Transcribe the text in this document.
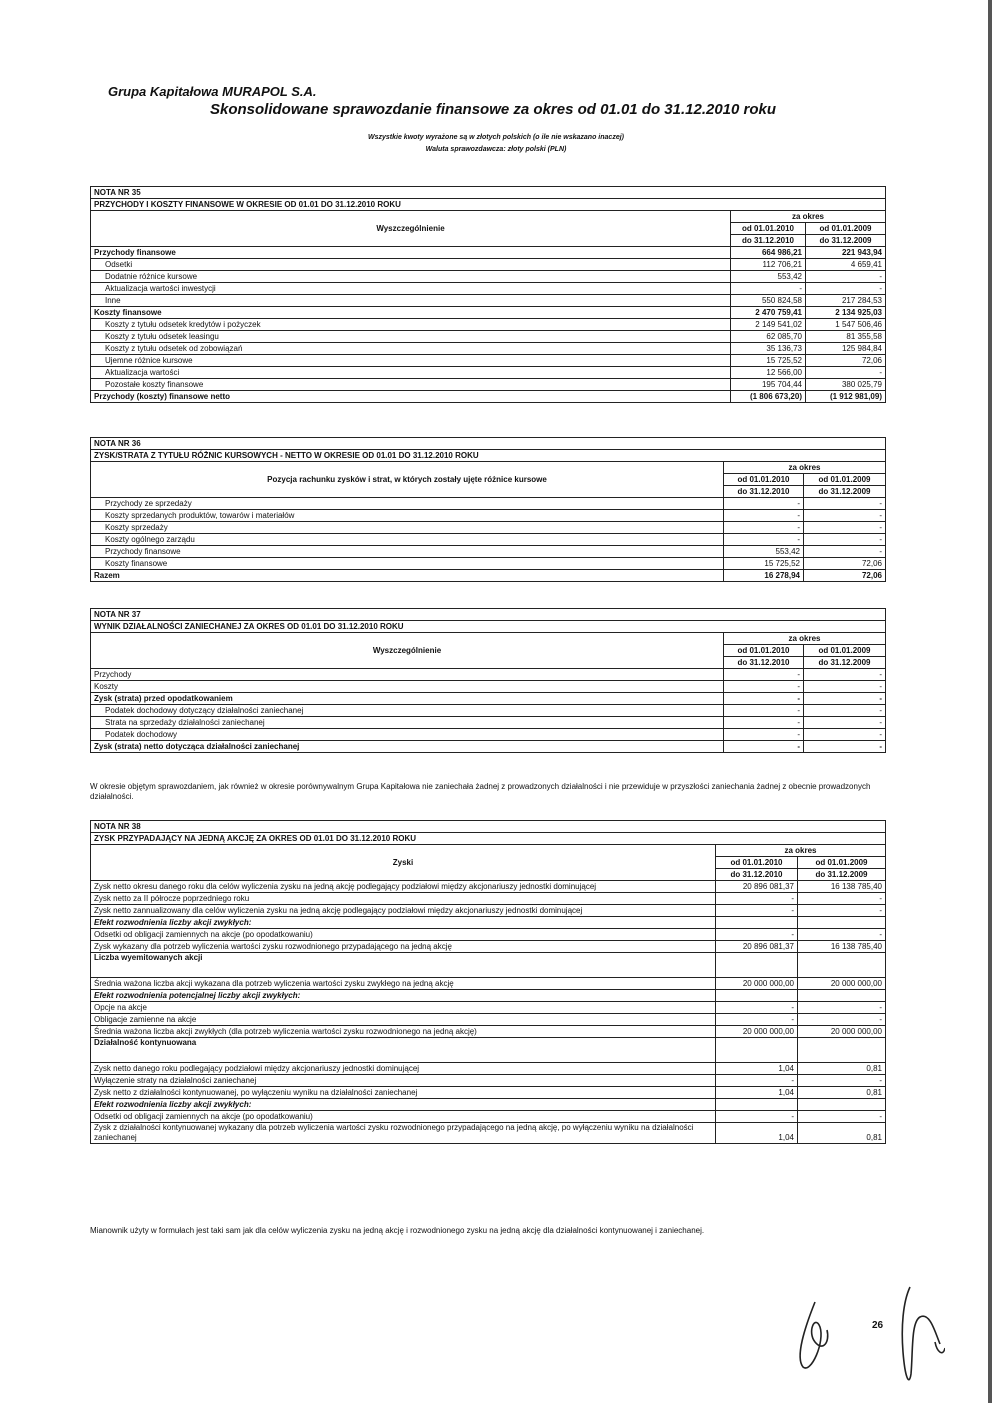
Grupa Kapitałowa MURAPOL S.A.
Skonsolidowane sprawozdanie finansowe za okres od 01.01 do 31.12.2010 roku
Wszystkie kwoty wyrażone są w złotych polskich (o ile nie wskazano inaczej)
Waluta sprawozdawcza: złoty polski (PLN)
NOTA NR 35		
PRZYCHODY I KOSZTY FINANSOWE W OKRESIE OD 01.01 DO 31.12.2010 ROKU		
Wyszczególnienie	za okres	
	od 01.01.2010	od 01.01.2009
	do 31.12.2010	do 31.12.2009
Przychody finansowe	664 986,21	221 943,94
Odsetki	112 706,21	4 659,41
Dodatnie różnice kursowe	553,42	-
Aktualizacja wartości inwestycji	-	-
Inne	550 824,58	217 284,53
Koszty finansowe	2 470 759,41	2 134 925,03
Koszty z tytułu odsetek kredytów i pożyczek	2 149 541,02	1 547 506,46
Koszty z tytułu odsetek leasingu	62 085,70	81 355,58
Koszty z tytułu odsetek od zobowiązań	35 136,73	125 984,84
Ujemne różnice kursowe	15 725,52	72,06
Aktualizacja wartości	12 566,00	-
Pozostałe koszty finansowe	195 704,44	380 025,79
Przychody (koszty) finansowe netto	(1 806 673,20)	(1 912 981,09)
NOTA NR 36		
ZYSK/STRATA Z TYTUŁU RÓŻNIC KURSOWYCH - NETTO W OKRESIE OD 01.01 DO 31.12.2010 ROKU		
Pozycja rachunku zysków i strat, w których zostały ujęte różnice kursowe	za okres	
	od 01.01.2010	od 01.01.2009
	do 31.12.2010	do 31.12.2009
Przychody ze sprzedaży	-	-
Koszty sprzedanych produktów, towarów i materiałów	-	-
Koszty sprzedaży	-	-
Koszty ogólnego zarządu	-	-
Przychody finansowe	553,42	-
Koszty finansowe	15 725,52	72,06
Razem	16 278,94	72,06
NOTA NR 37		
WYNIK DZIAŁALNOŚCI ZANIECHANEJ ZA OKRES OD 01.01 DO 31.12.2010 ROKU		
Wyszczególnienie	za okres	
	od 01.01.2010	od 01.01.2009
	do 31.12.2010	do 31.12.2009
Przychody	-	-
Koszty	-	-
Zysk (strata) przed opodatkowaniem	-	-
Podatek dochodowy dotyczący działalności zaniechanej	-	-
Strata na sprzedaży działalności zaniechanej	-	-
Podatek dochodowy	-	-
Zysk (strata) netto dotycząca działalności zaniechanej	-	-
W okresie objętym sprawozdaniem, jak również w okresie porównywalnym Grupa Kapitałowa nie zaniechała żadnej z prowadzonych działalności i nie przewiduje w przyszłości zaniechania żadnej z obecnie prowadzonych działalności.
NOTA NR 38		
ZYSK PRZYPADAJĄCY NA JEDNĄ AKCJĘ ZA OKRES OD 01.01 DO 31.12.2010 ROKU		
Zyski	za okres	
	od 01.01.2010	od 01.01.2009
	do 31.12.2010	do 31.12.2009
Zysk netto okresu danego roku dla celów wyliczenia zysku na jedną akcję podlegający podziałowi między akcjonariuszy jednostki dominującej	20 896 081,37	16 138 785,40
Zysk netto za II półrocze poprzedniego roku	-	-
Zysk netto zannualizowany dla celów wyliczenia zysku na jedną akcję podlegający podziałowi między akcjonariuszy jednostki dominującej	-	-
Efekt rozwodnienia liczby akcji zwykłych:		
Odsetki od obligacji zamiennych na akcje (po opodatkowaniu)	-	-
Zysk wykazany dla potrzeb wyliczenia wartości zysku rozwodnionego przypadającego na jedną akcję	20 896 081,37	16 138 785,40
Liczba wyemitowanych akcji		
Średnia ważona liczba akcji wykazana dla potrzeb wyliczenia wartości zysku zwykłego na jedną akcję	20 000 000,00	20 000 000,00
Efekt rozwodnienia potencjalnej liczby akcji zwykłych:		
Opcje na akcje	-	-
Obligacje zamienne na akcje	-	-
Średnia ważona liczba akcji zwykłych (dla potrzeb wyliczenia wartości zysku rozwodnionego na jedną akcję)	20 000 000,00	20 000 000,00
Działalność kontynuowana		
Zysk netto danego roku podlegający podziałowi między akcjonariuszy jednostki dominującej	1,04	0,81
Wyłączenie straty na działalności zaniechanej	-	-
Zysk netto z działalności kontynuowanej, po wyłączeniu wyniku na działalności zaniechanej	1,04	0,81
Efekt rozwodnienia liczby akcji zwykłych:		
Odsetki od obligacji zamiennych na akcje (po opodatkowaniu)	-	-
Zysk z działalności kontynuowanej wykazany dla potrzeb wyliczenia wartości zysku rozwodnionego przypadającego na jedną akcję, po wyłączeniu wyniku na działalności zaniechanej	1,04	0,81
Mianownik użyty w formułach jest taki sam jak dla celów wyliczenia zysku na jedną akcję i rozwodnionego zysku na jedną akcję dla działalności kontynuowanej i zaniechanej.
26
